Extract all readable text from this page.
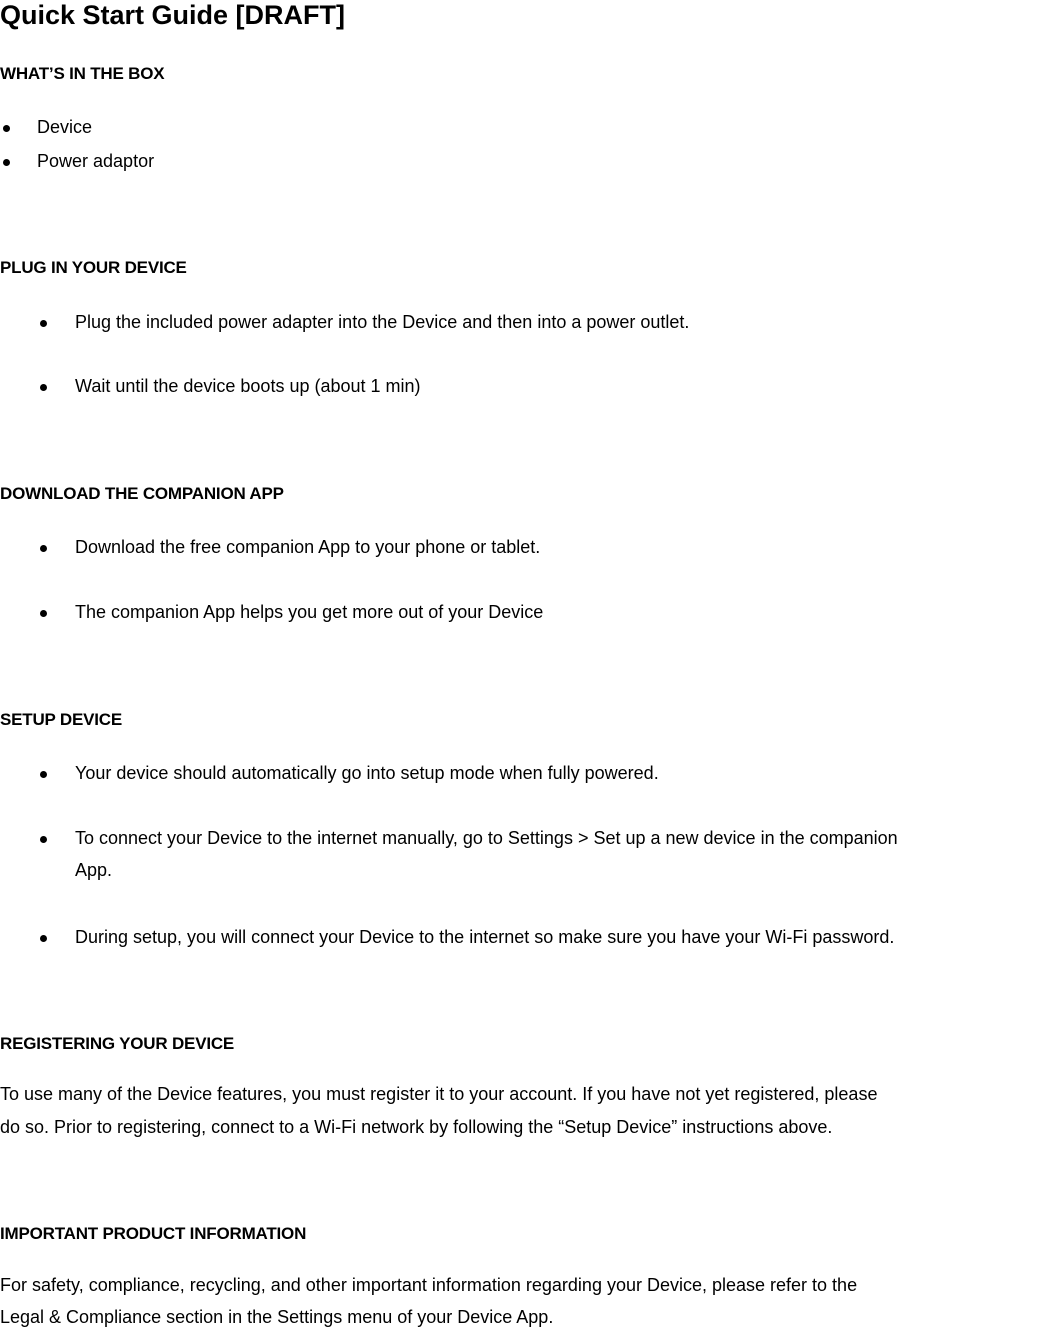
Quick Start Guide [DRAFT]
WHAT’S IN THE BOX
Device
Power adaptor
PLUG IN YOUR DEVICE
Plug the included power adapter into the Device and then into a power outlet.
Wait until the device boots up (about 1 min)
DOWNLOAD THE COMPANION APP
Download the free companion App to your phone or tablet.
The companion App helps you get more out of your Device
SETUP DEVICE
Your device should automatically go into setup mode when fully powered.
To connect your Device to the internet manually, go to Settings > Set up a new device in the companion
App.
During setup, you will connect your Device to the internet so make sure you have your Wi-Fi password.
REGISTERING YOUR DEVICE
To use many of the Device features, you must register it to your account. If you have not yet registered, please
do so. Prior to registering, connect to a Wi-Fi network by following the “Setup Device” instructions above.
IMPORTANT PRODUCT INFORMATION
For safety, compliance, recycling, and other important information regarding your Device, please refer to the
Legal & Compliance section in the Settings menu of your Device App.
